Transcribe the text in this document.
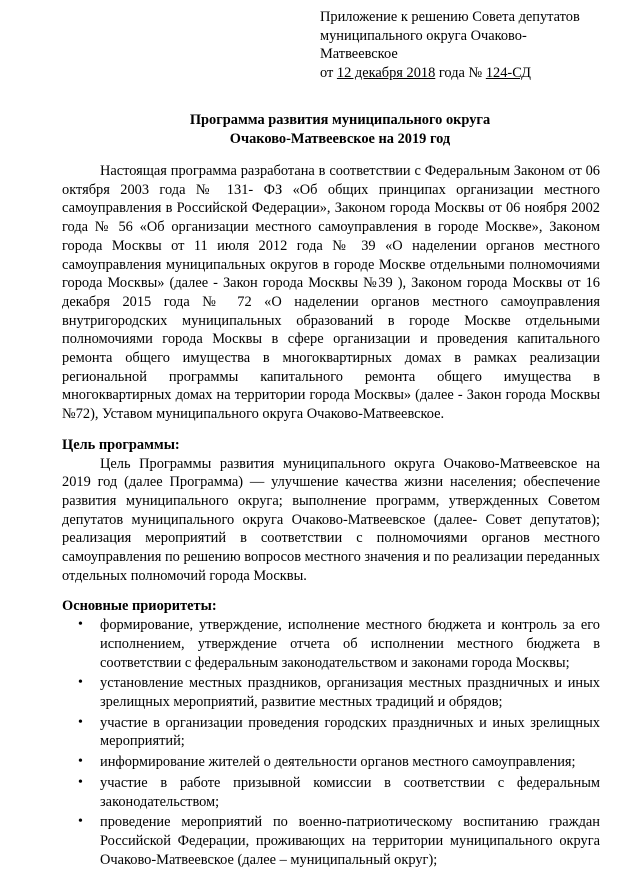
Приложение к решению Совета депутатов
муниципального округа Очаково-
Матвеевское
от 12 декабря 2018 года № 124-СД
Программа развития муниципального округа
Очаково-Матвеевское на 2019 год

Настоящая программа разработана в соответствии с Федеральным Законом от 06 октября 2003 года № 131- ФЗ «Об общих принципах организации местного самоуправления в Российской Федерации», Законом города Москвы от 06 ноября 2002 года № 56 «Об организации местного самоуправления в городе Москве», Законом города Москвы от 11 июля 2012 года № 39 «О наделении органов местного самоуправления муниципальных округов в городе Москве отдельными полномочиями города Москвы» (далее - Закон города Москвы №39 ), Законом города Москвы от 16 декабря 2015 года № 72 «О наделении органов местного самоуправления внутригородских муниципальных образований в городе Москве отдельными полномочиями города Москвы в сфере организации и проведения капитального ремонта общего имущества в многоквартирных домах в рамках реализации региональной программы капитального ремонта общего имущества в многоквартирных домах на территории города Москвы» (далее - Закон города Москвы №72), Уставом муниципального округа Очаково-Матвеевское.

Цель программы:

Цель Программы развития муниципального округа Очаково-Матвеевское на 2019 год (далее Программа) — улучшение качества жизни населения; обеспечение развития муниципального округа; выполнение программ, утвержденных Советом депутатов муниципального округа Очаково-Матвеевское (далее- Совет депутатов); реализация мероприятий в соответствии с полномочиями органов местного самоуправления по решению вопросов местного значения и по реализации переданных отдельных полномочий города Москвы.

Основные приоритеты:

• формирование, утверждение, исполнение местного бюджета и контроль за его исполнением, утверждение отчета об исполнении местного бюджета в соответствии с федеральным законодательством и законами города Москвы;
• установление местных праздников, организация местных праздничных и иных зрелищных мероприятий, развитие местных традиций и обрядов;
• участие в организации проведения городских праздничных и иных зрелищных мероприятий;
• информирование жителей о деятельности органов местного самоуправления;
• участие в работе призывной комиссии в соответствии с федеральным законодательством;
• проведение мероприятий по военно-патриотическому воспитанию граждан Российской Федерации, проживающих на территории муниципального округа Очаково-Матвеевское (далее – муниципальный округ);
